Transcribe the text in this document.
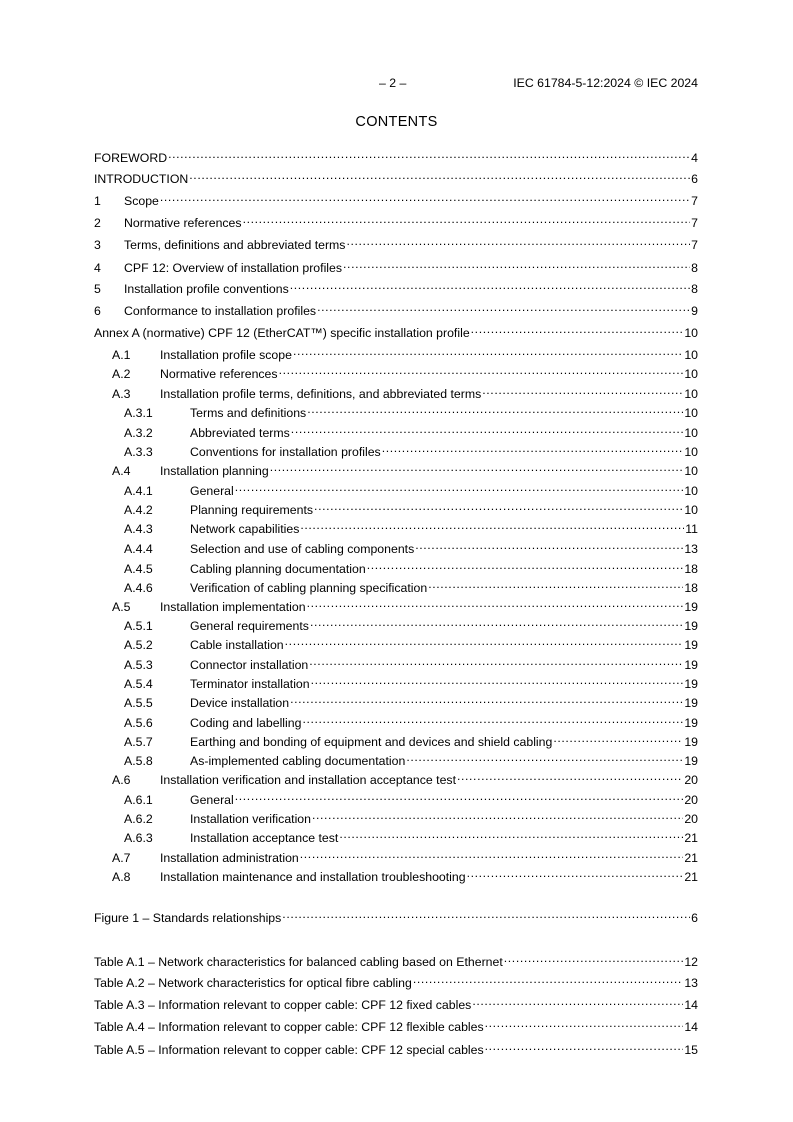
– 2 –	IEC 61784-5-12:2024 © IEC 2024
CONTENTS
FOREWORD .....	4
INTRODUCTION .....	6
1	Scope .....	7
2	Normative references .....	7
3	Terms, definitions and abbreviated terms .....	7
4	CPF 12: Overview of installation profiles .....	8
5	Installation profile conventions .....	8
6	Conformance to installation profiles .....	9
Annex A (normative) CPF 12 (EtherCAT™) specific installation profile .....	10
A.1	Installation profile scope .....	10
A.2	Normative references .....	10
A.3	Installation profile terms, definitions, and abbreviated terms .....	10
A.3.1	Terms and definitions .....	10
A.3.2	Abbreviated terms .....	10
A.3.3	Conventions for installation profiles .....	10
A.4	Installation planning .....	10
A.4.1	General .....	10
A.4.2	Planning requirements .....	10
A.4.3	Network capabilities .....	11
A.4.4	Selection and use of cabling components .....	13
A.4.5	Cabling planning documentation .....	18
A.4.6	Verification of cabling planning specification .....	18
A.5	Installation implementation .....	19
A.5.1	General requirements .....	19
A.5.2	Cable installation .....	19
A.5.3	Connector installation .....	19
A.5.4	Terminator installation .....	19
A.5.5	Device installation .....	19
A.5.6	Coding and labelling .....	19
A.5.7	Earthing and bonding of equipment and devices and shield cabling .....	19
A.5.8	As-implemented cabling documentation .....	19
A.6	Installation verification and installation acceptance test .....	20
A.6.1	General .....	20
A.6.2	Installation verification .....	20
A.6.3	Installation acceptance test .....	21
A.7	Installation administration .....	21
A.8	Installation maintenance and installation troubleshooting .....	21
Figure 1 – Standards relationships .....	6
Table A.1 – Network characteristics for balanced cabling based on Ethernet .....	12
Table A.2 – Network characteristics for optical fibre cabling .....	13
Table A.3 – Information relevant to copper cable: CPF 12 fixed cables .....	14
Table A.4 – Information relevant to copper cable: CPF 12 flexible cables .....	14
Table A.5 – Information relevant to copper cable: CPF 12 special cables .....	15
